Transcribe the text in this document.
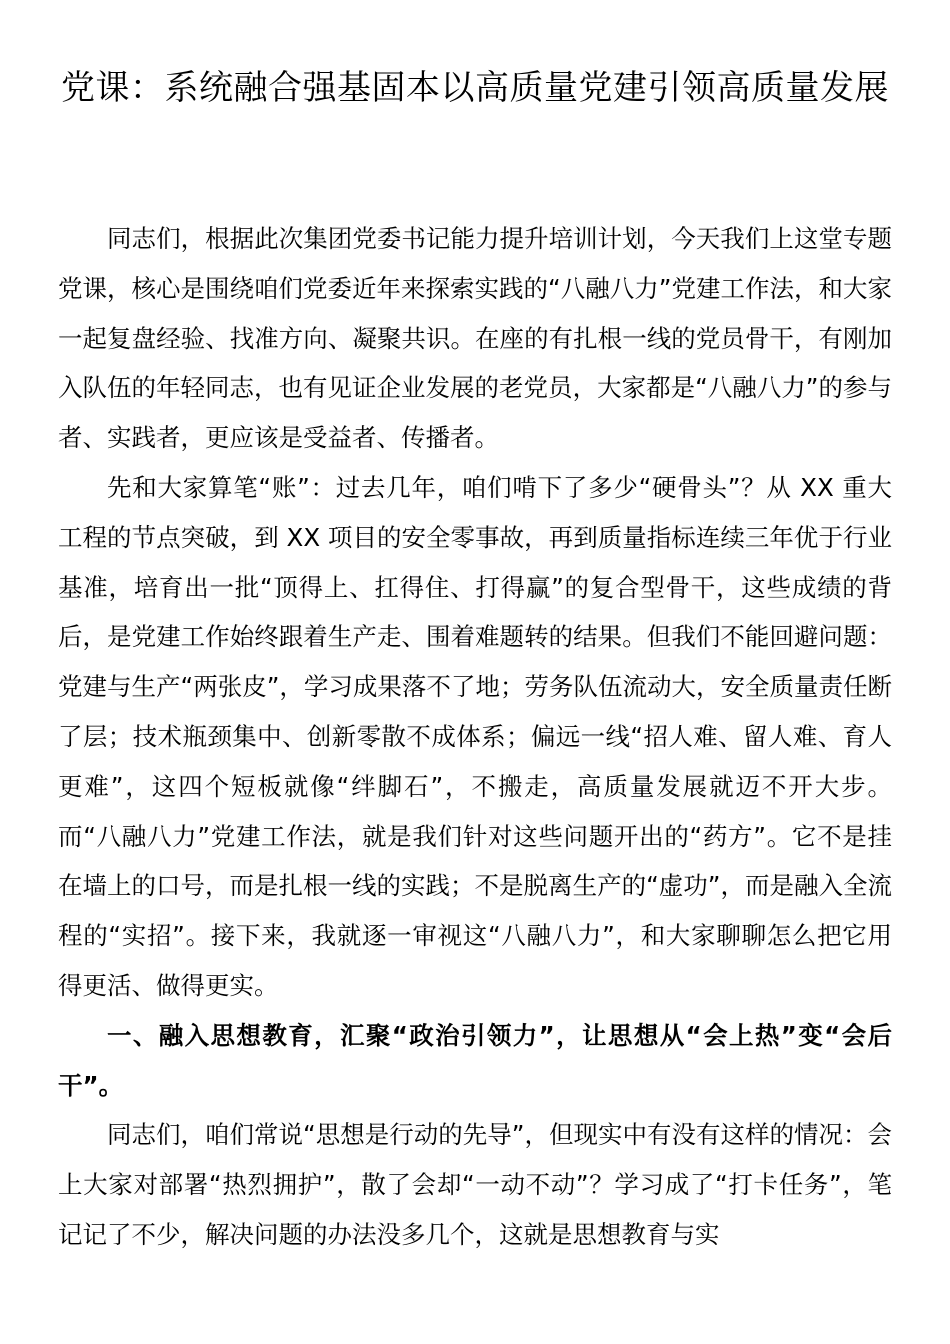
党课：系统融合强基固本以高质量党建引领高质量发展

同志们，根据此次集团党委书记能力提升培训计划，今天我们上这堂专题党课，核心是围绕咱们党委近年来探索实践的“八融八力”党建工作法，和大家一起复盘经验、找准方向、凝聚共识。在座的有扎根一线的党员骨干，有刚加入队伍的年轻同志，也有见证企业发展的老党员，大家都是“八融八力”的参与者、实践者，更应该是受益者、传播者。

先和大家算笔“账”：过去几年，咱们啃下了多少“硬骨头”？从 XX 重大工程的节点突破，到 XX 项目的安全零事故，再到质量指标连续三年优于行业基准，培育出一批“顶得上、扛得住、打得赢”的复合型骨干，这些成绩的背后，是党建工作始终跟着生产走、围着难题转的结果。但我们不能回避问题：党建与生产“两张皮”，学习成果落不了地；劳务队伍流动大，安全质量责任断了层；技术瓶颈集中、创新零散不成体系；偏远一线“招人难、留人难、育人更难”，这四个短板就像“绊脚石”，不搬走，高质量发展就迈不开大步。而“八融八力”党建工作法，就是我们针对这些问题开出的“药方”。它不是挂在墙上的口号，而是扎根一线的实践；不是脱离生产的“虚功”，而是融入全流程的“实招”。接下来，我就逐一审视这“八融八力”，和大家聊聊怎么把它用得更活、做得更实。

一、融入思想教育，汇聚“政治引领力”，让思想从“会上热”变“会后干”。

同志们，咱们常说“思想是行动的先导”，但现实中有没有这样的情况：会上大家对部署“热烈拥护”，散了会却“一动不动”？学习成了“打卡任务”，笔记记了不少，解决问题的办法没多几个，这就是思想教育与实
